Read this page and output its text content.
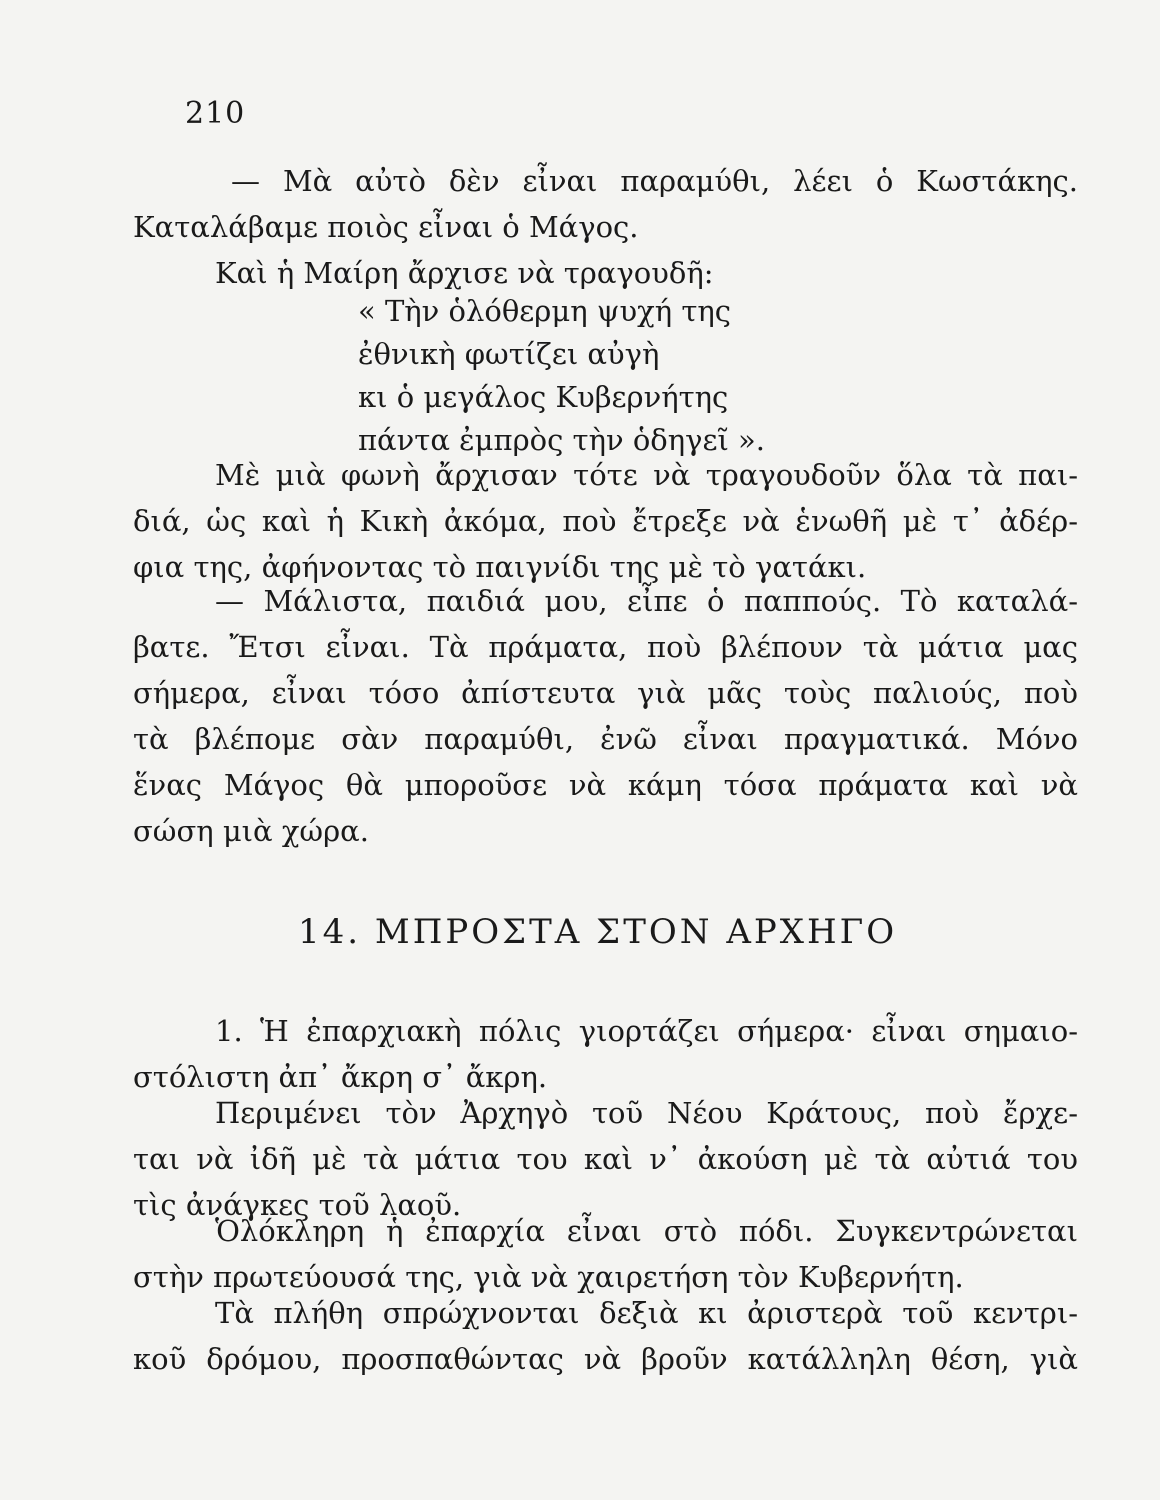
210
— Μὰ αὐτὸ δὲν εἶναι παραμύθι, λέει ὁ Κωστάκης.
Καταλάβαμε ποιὸς εἶναι ὁ Μάγος.
Καὶ ἡ Μαίρη ἄρχισε νὰ τραγουδῆ:
« Τὴν ὁλόθερμη ψυχή της
ἐθνικὴ φωτίζει αὐγὴ
κι ὁ μεγάλος Κυβερνήτης
πάντα ἐμπρὸς τὴν ὁδηγεῖ ».
Μὲ μιὰ φωνὴ ἄρχισαν τότε νὰ τραγουδοῦν ὅλα τὰ παι-
διά, ὡς καὶ ἡ Κικὴ ἀκόμα, ποὺ ἔτρεξε νὰ ἑνωθῆ μὲ τ᾽ ἀδέρ-
φια της, ἀφήνοντας τὸ παιγνίδι της μὲ τὸ γατάκι.
— Μάλιστα, παιδιά μου, εἶπε ὁ παππούς. Τὸ καταλά-
βατε. Ἔτσι εἶναι. Τὰ πράματα, ποὺ βλέπουν τὰ μάτια μας
σήμερα, εἶναι τόσο ἀπίστευτα γιὰ μᾶς τοὺς παλιούς, ποὺ
τὰ βλέπομε σὰν παραμύθι, ἐνῶ εἶναι πραγματικά. Μόνο
ἕνας Μάγος θὰ μποροῦσε νὰ κάμη τόσα πράματα καὶ νὰ
σώση μιὰ χώρα.
14. ΜΠΡΟΣΤΑ ΣΤΟΝ ΑΡΧΗΓΟ
1. Ἡ ἐπαρχιακὴ πόλις γιορτάζει σήμερα· εἶναι σημαιο-
στόλιστη ἀπ᾽ ἄκρη σ᾽ ἄκρη.
Περιμένει τὸν Ἀρχηγὸ τοῦ Νέου Κράτους, ποὺ ἔρχε-
ται νὰ ἰδῆ μὲ τὰ μάτια του καὶ ν᾽ ἀκούση μὲ τὰ αὐτιά του
τὶς ἀνάγκες τοῦ λαοῦ.
Ὁλόκληρη ἡ ἐπαρχία εἶναι στὸ πόδι. Συγκεντρώνεται
στὴν πρωτεύουσά της, γιὰ νὰ χαιρετήση τὸν Κυβερνήτη.
Τὰ πλήθη σπρώχνονται δεξιὰ κι ἀριστερὰ τοῦ κεντρι-
κοῦ δρόμου, προσπαθώντας νὰ βροῦν κατάλληλη θέση, γιὰ
